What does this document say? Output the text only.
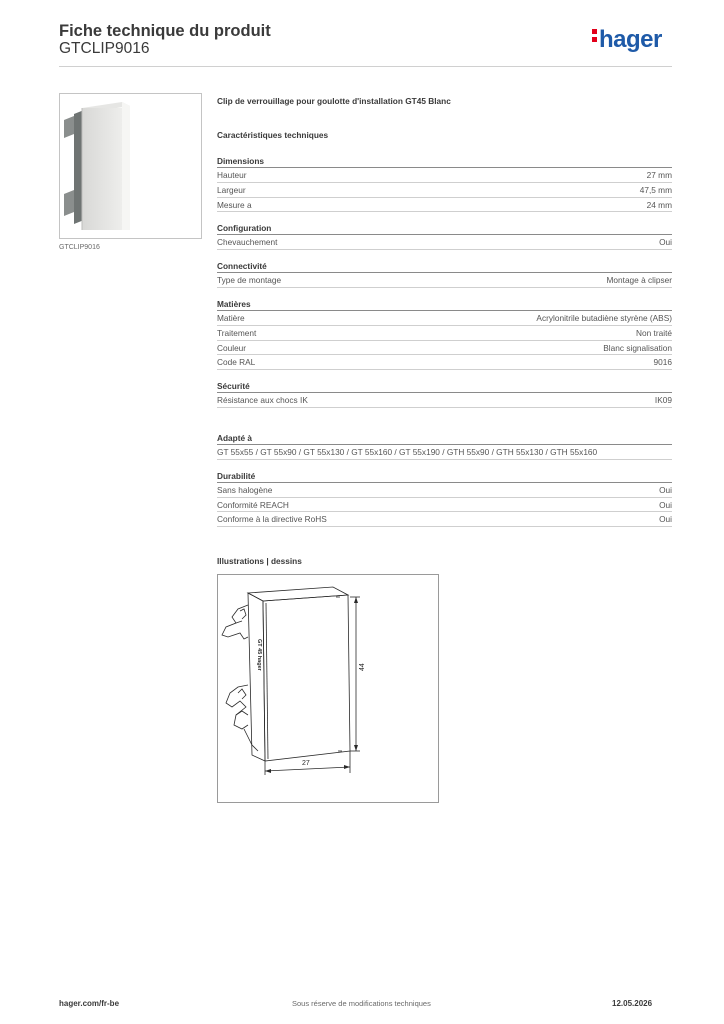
Fiche technique du produit
GTCLIP9016	hager
GTCLIP9016
Clip de verrouillage pour goulotte d'installation GT45 Blanc
Caractéristiques techniques
Dimensions
Hauteur	27 mm
Largeur	47,5 mm
Mesure a	24 mm
Configuration
Chevauchement	Oui
Connectivité
Type de montage	Montage à clipser
Matières
Matière	Acrylonitrile butadiène styrène (ABS)
Traitement	Non traité
Couleur	Blanc signalisation
Code RAL	9016
Sécurité
Résistance aux chocs IK	IK09
Adapté à
GT 55x55 / GT 55x90 / GT 55x130 / GT 55x160 / GT 55x190 / GTH 55x90 / GTH 55x130 / GTH 55x160
Durabilité
Sans halogène	Oui
Conformité REACH	Oui
Conforme à la directive RoHS	Oui
Illustrations | dessins
44
27
GT 45 hager
hager.com/fr-be	Sous réserve de modifications techniques	12.05.2026
